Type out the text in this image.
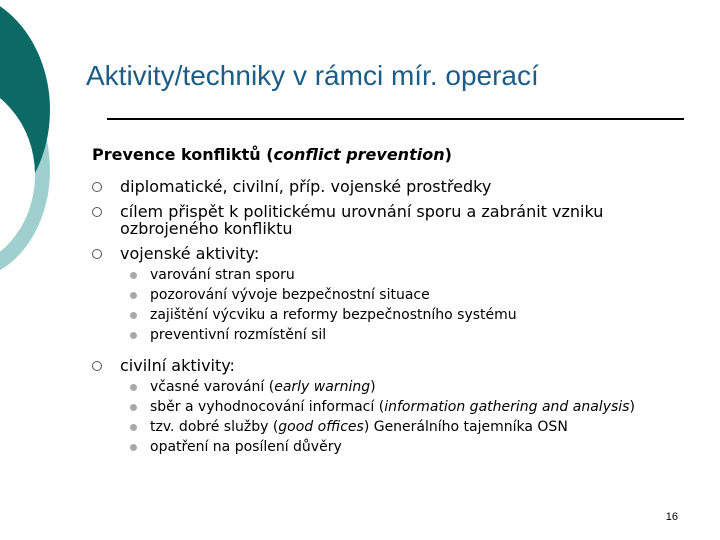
Aktivity/techniky v rámci mír. operací

Prevence konfliktů (conflict prevention)

diplomatické, civilní, příp. vojenské prostředky
cílem přispět k politickému urovnání sporu a zabránit vzniku ozbrojeného konfliktu
vojenské aktivity:
varování stran sporu
pozorování vývoje bezpečnostní situace
zajištění výcviku a reformy bezpečnostního systému
preventivní rozmístění sil
civilní aktivity:
včasné varování (early warning)
sběr a vyhodnocování informací (information gathering and analysis)
tzv. dobré služby (good offices) Generálního tajemníka OSN
opatření na posílení důvěry
16
